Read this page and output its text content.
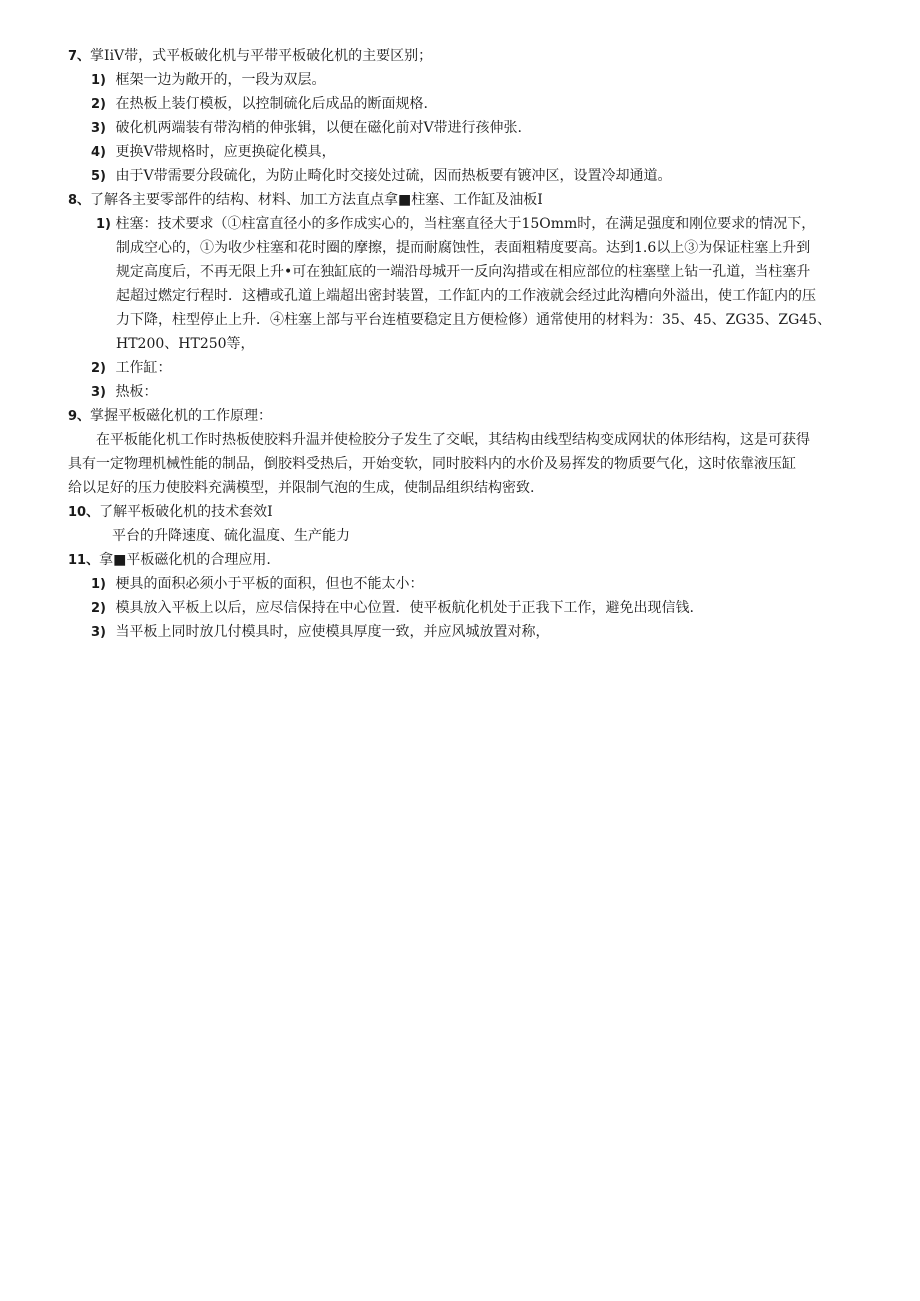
7、掌IiV带，式平板破化机与平带平板破化机的主要区别；
1) 框架一边为敞开的，一段为双层。
2) 在热板上装仃模板，以控制硫化后成品的断面规格.
3) 破化机两端装有带沟梢的伸张辑，以便在磁化前对V带进行孩伸张.
4) 更换V带规格时，应更换碇化模具，
5) 由于V带需要分段硫化，为防止畸化时交接处过硫，因而热板要有镀冲区，设置冷却通道。
8、了解各主要零部件的结构、材料、加工方法直点拿■柱塞、工作缸及油板I
1) 柱塞：技术要求（①柱富直径小的多作成实心的，当柱塞直径大于15Omm时，在满足强度和刚位要求的情况下，
制成空心的，①为收少柱塞和花时圈的摩擦，提而耐腐蚀性，表面粗精度要高。达到1.6以上③为保证柱塞上升到
规定高度后，不再无限上升•可在独缸底的一端沿母城开一反向沟措或在相应部位的柱塞壁上钻一孔道，当柱塞升
起超过燃定行程时．这槽或孔道上端超出密封装置，工作缸内的工作液就会经过此沟槽向外溢出，使工作缸内的压
力下降，柱型停止上升．④柱塞上部与平台连植要稳定且方便检修）通常使用的材料为：35、45、ZG35、ZG45、
HT200、HT250等，
2) 工作缸：
3) 热板：
9、掌握平板磁化机的工作原理：
在平板能化机工作时热板使胶料升温并使检胶分子发生了交岷，其结构由线型结构变成网状的体形结构，这是可获得
具有一定物理机械性能的制品，倒胶料受热后，开始变软，同时胶料内的水价及易挥发的物质要气化，这时依靠液压缸
给以足好的压力使胶料充满模型，并限制气泡的生成，使制品组织结构密致.
10、了解平板破化机的技术套效I
平台的升降速度、硫化温度、生产能力
11、拿■平板磁化机的合理应用.
1) 梗具的面积必须小于平板的面积，但也不能太小：
2) 模具放入平板上以后，应尽信保持在中心位置．使平板航化机处于正我下工作，避免出现信钱.
3) 当平板上同时放几付模具时，应使模具厚度一致，并应风城放置对称，
